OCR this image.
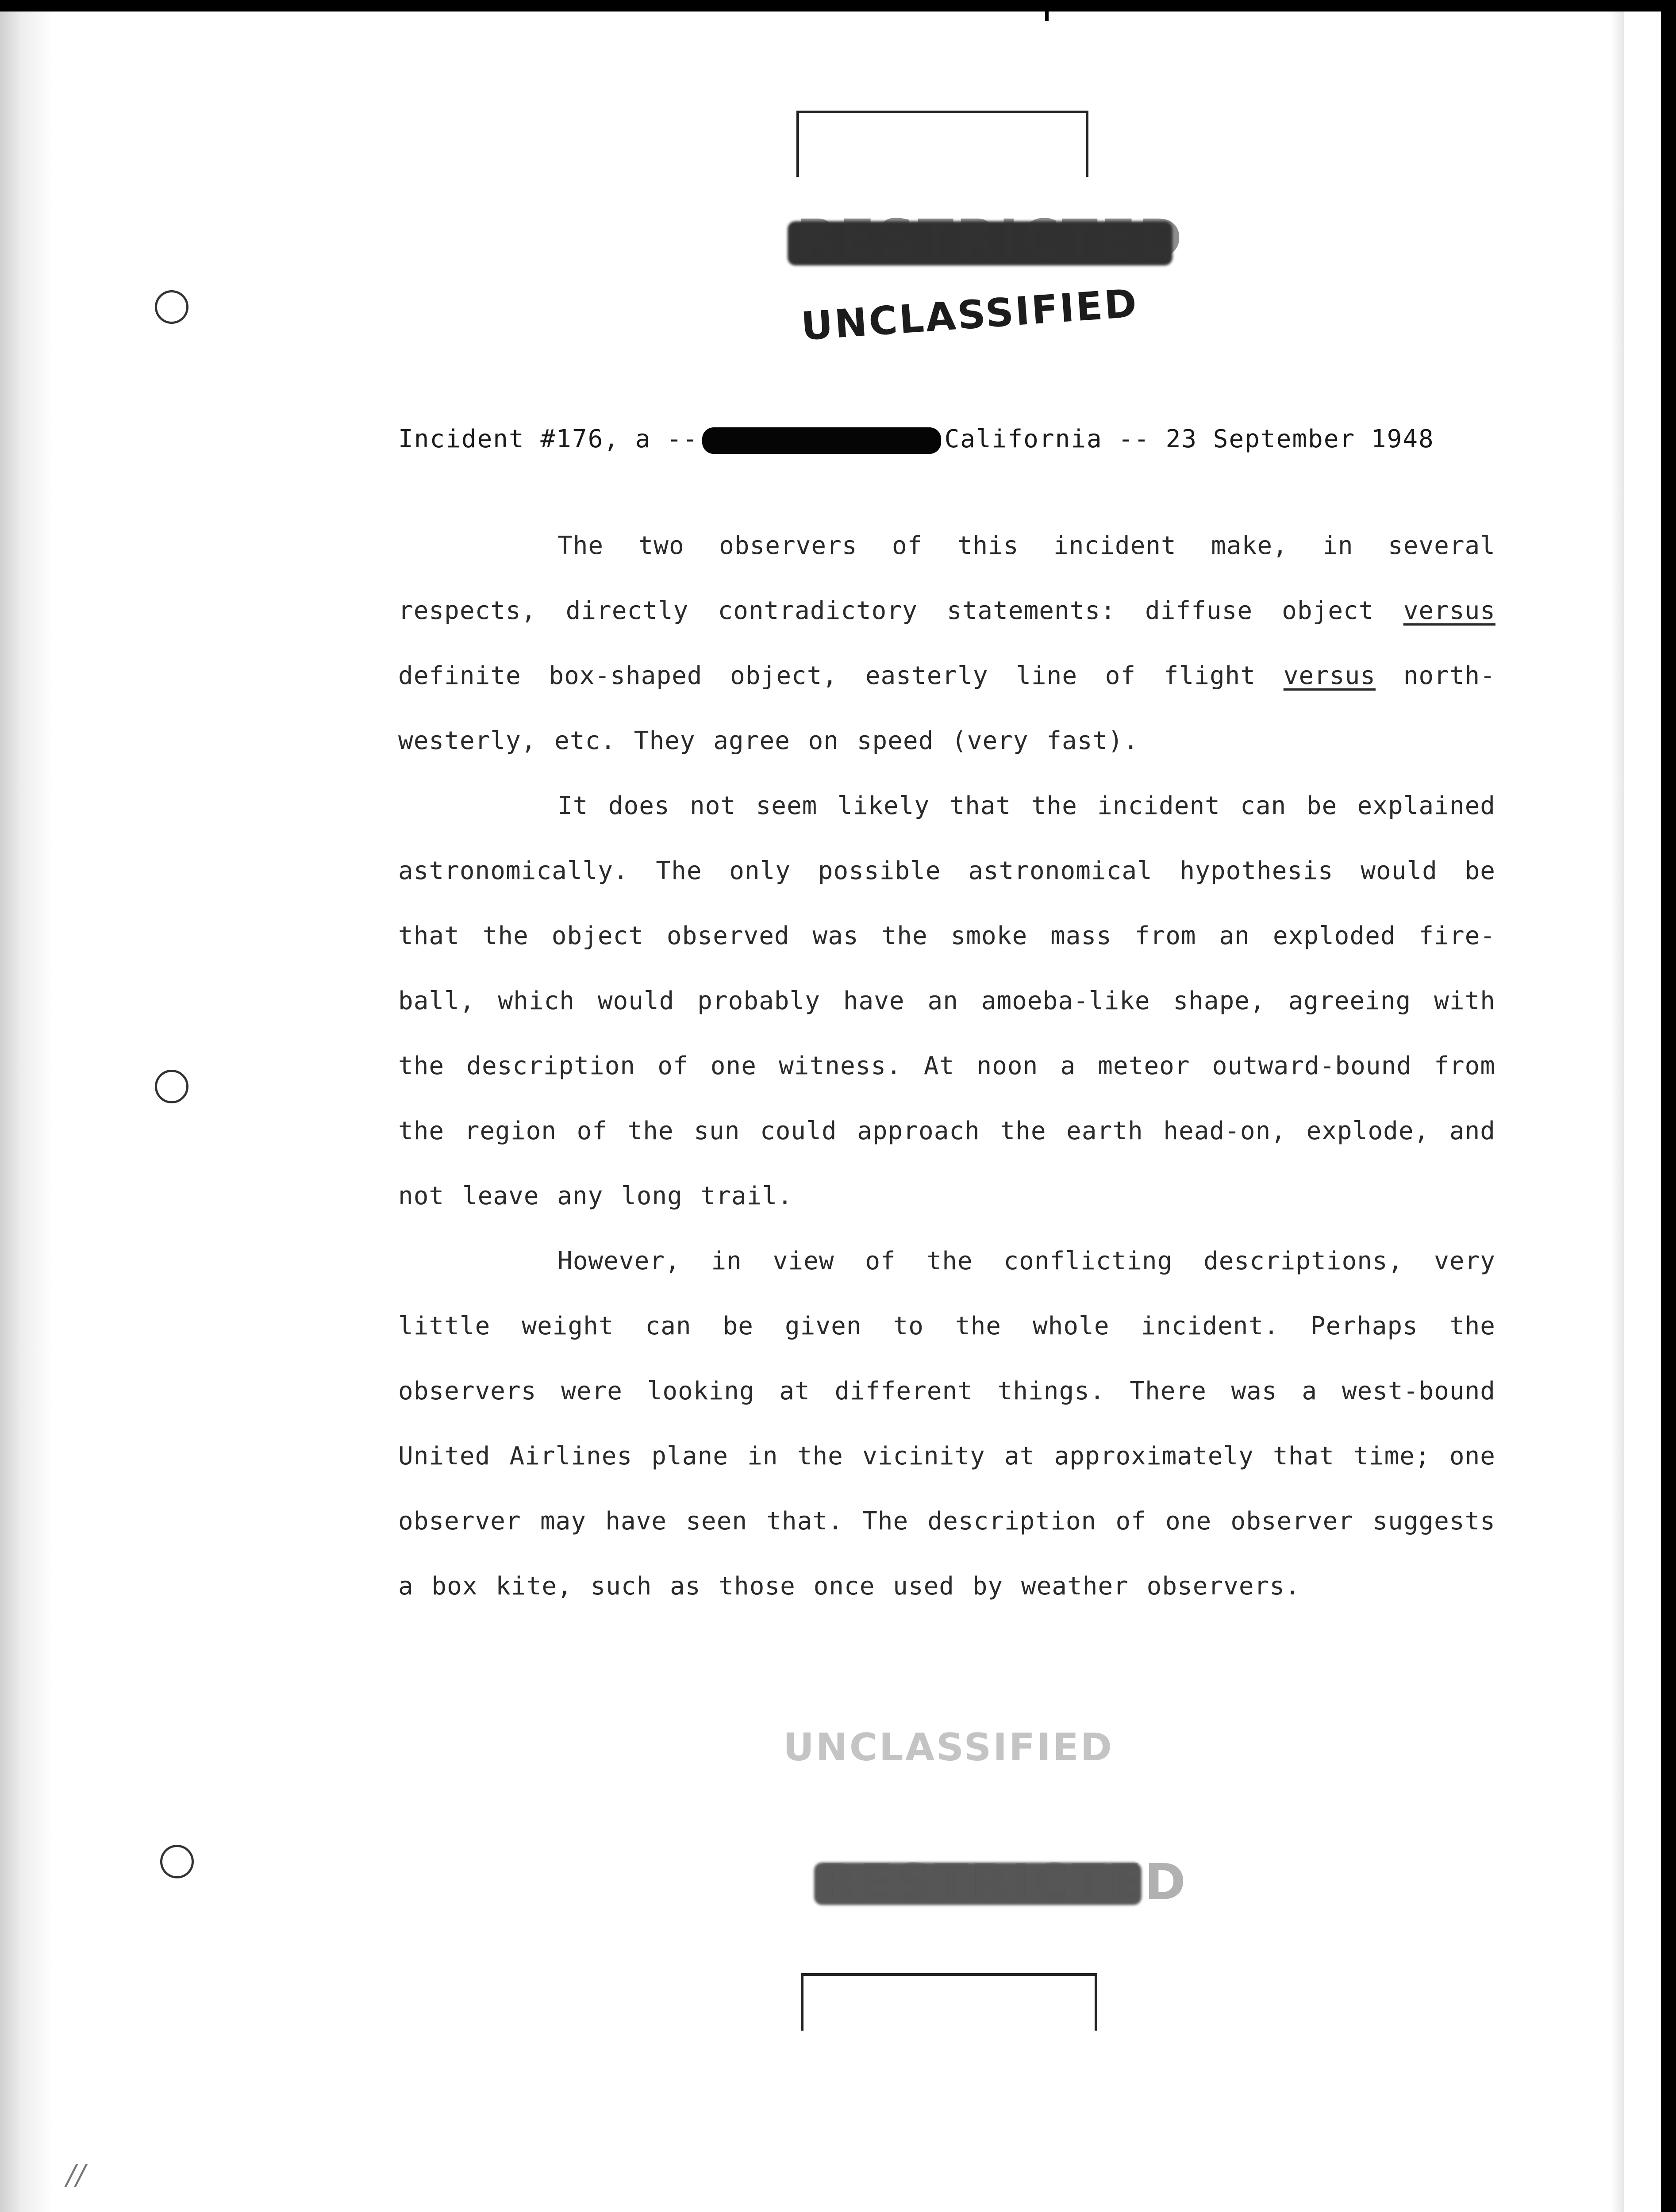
RESTRICTED
UNCLASSIFIED
Incident #176, a --	California -- 23 September 1948

The two observers of this incident make, in several respects, directly contradictory statements: diffuse object versus definite box-shaped object, easterly line of flight versus north-westerly, etc. They agree on speed (very fast).

It does not seem likely that the incident can be explained astronomically. The only possible astronomical hypothesis would be that the object observed was the smoke mass from an exploded fire-ball, which would probably have an amoeba-like shape, agreeing with the description of one witness. At noon a meteor outward-bound from the region of the sun could approach the earth head-on, explode, and not leave any long trail.

However, in view of the conflicting descriptions, very little weight can be given to the whole incident. Perhaps the observers were looking at different things. There was a west-bound United Airlines plane in the vicinity at approximately that time; one observer may have seen that. The description of one observer suggests a box kite, such as those once used by weather observers.

UNCLASSIFIED
RESTRICTED
//
